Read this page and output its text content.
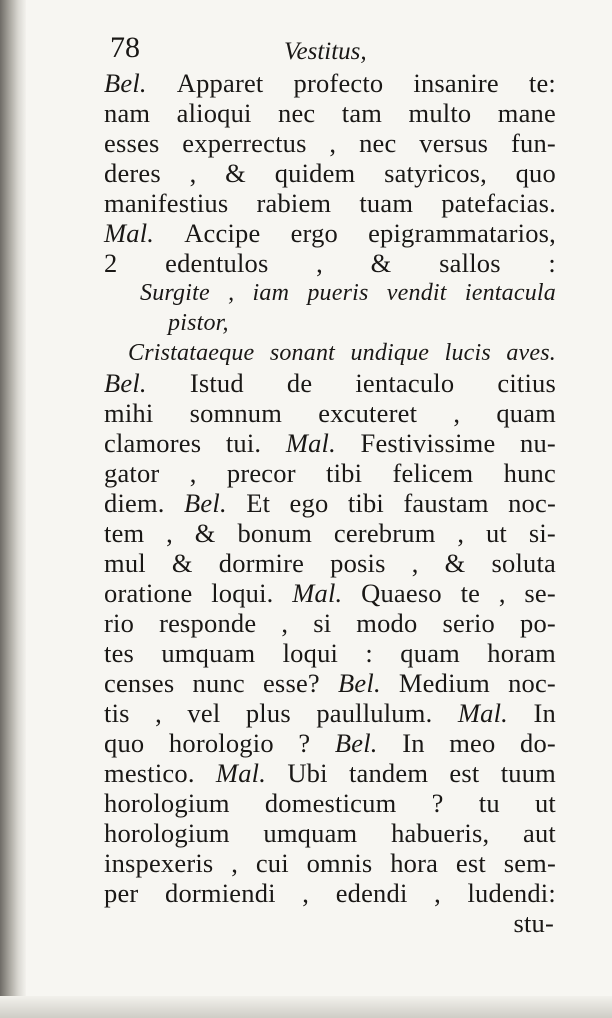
78	Vestitus,
Bel. Apparet profecto insanire te:
nam alioqui nec tam multo mane
esses experrectus , nec versus fun-
deres , & quidem satyricos, quo
manifestius rabiem tuam patefacias.
Mal. Accipe ergo epigrammatarios,
2 edentulos , & sallos :
Surgite , iam pueris vendit ientacula
pistor,
Cristataeque sonant undique lucis aves.
Bel. Istud de ientaculo citius
mihi somnum excuteret , quam
clamores tui. Mal. Festivissime nu-
gator , precor tibi felicem hunc
diem. Bel. Et ego tibi faustam noc-
tem , & bonum cerebrum , ut si-
mul & dormire posis , & soluta
oratione loqui. Mal. Quaeso te , se-
rio responde , si modo serio po-
tes umquam loqui : quam horam
censes nunc esse? Bel. Medium noc-
tis , vel plus paullulum. Mal. In
quo horologio ? Bel. In meo do-
mestico. Mal. Ubi tandem est tuum
horologium domesticum ? tu ut
horologium umquam habueris, aut
inspexeris , cui omnis hora est sem-
per dormiendi , edendi , ludendi:
stu-
